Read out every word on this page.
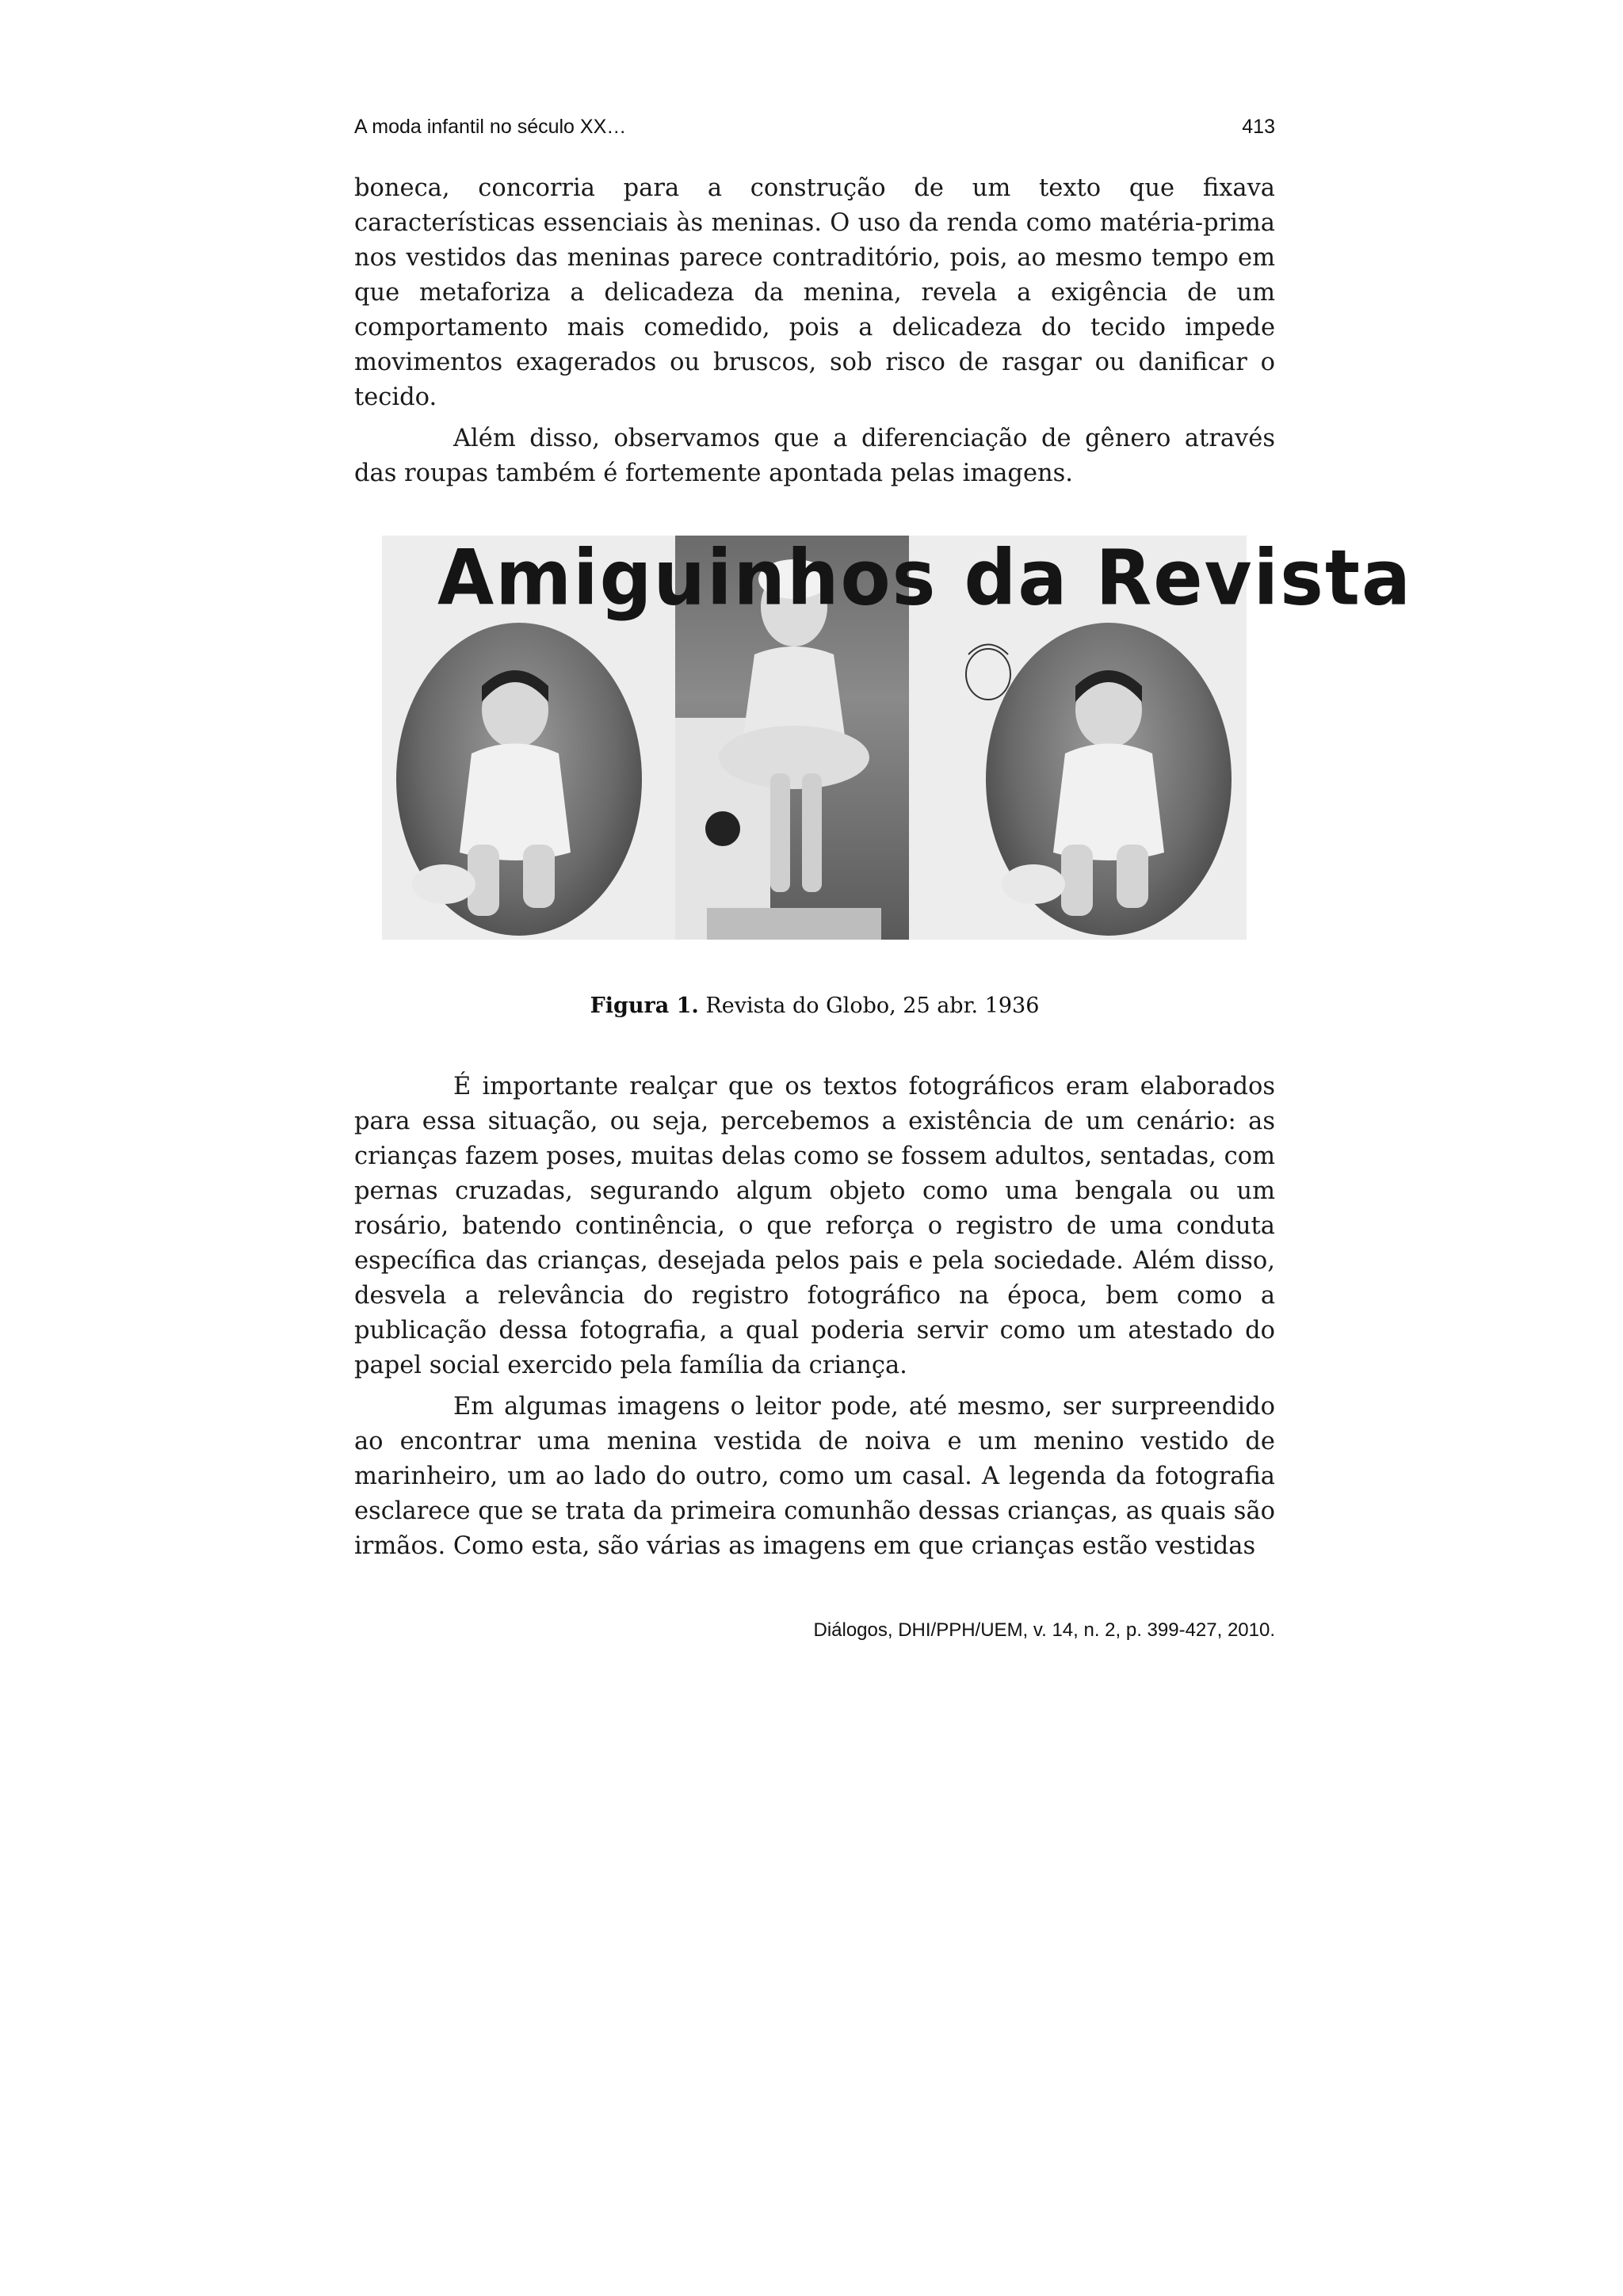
A moda infantil no século XX…	413

boneca, concorria para a construção de um texto que fixava características essenciais às meninas. O uso da renda como matéria-prima nos vestidos das meninas parece contraditório, pois, ao mesmo tempo em que metaforiza a delicadeza da menina, revela a exigência de um comportamento mais comedido, pois a delicadeza do tecido impede movimentos exagerados ou bruscos, sob risco de rasgar ou danificar o tecido.

Além disso, observamos que a diferenciação de gênero através das roupas também é fortemente apontada pelas imagens.

Amiguinhos da Revista
Figura 1. Revista do Globo, 25 abr. 1936

É importante realçar que os textos fotográficos eram elaborados para essa situação, ou seja, percebemos a existência de um cenário: as crianças fazem poses, muitas delas como se fossem adultos, sentadas, com pernas cruzadas, segurando algum objeto como uma bengala ou um rosário, batendo continência, o que reforça o registro de uma conduta específica das crianças, desejada pelos pais e pela sociedade. Além disso, desvela a relevância do registro fotográfico na época, bem como a publicação dessa fotografia, a qual poderia servir como um atestado do papel social exercido pela família da criança.

Em algumas imagens o leitor pode, até mesmo, ser surpreendido ao encontrar uma menina vestida de noiva e um menino vestido de marinheiro, um ao lado do outro, como um casal. A legenda da fotografia esclarece que se trata da primeira comunhão dessas crianças, as quais são irmãos. Como esta, são várias as imagens em que crianças estão vestidas

Diálogos, DHI/PPH/UEM, v. 14, n. 2, p. 399-427, 2010.
